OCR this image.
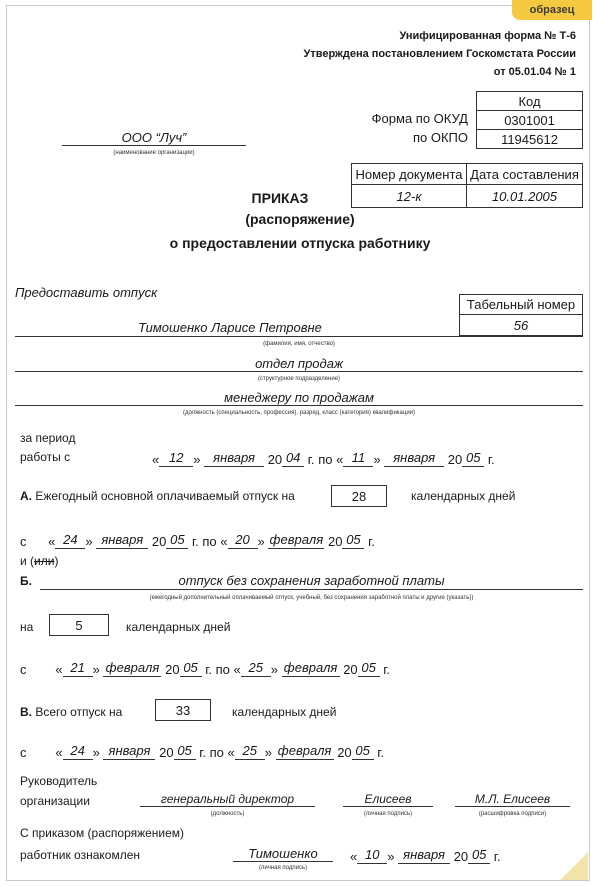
образец
Унифицированная форма № Т-6
Утверждена постановлением Госкомстата России
от 05.01.04 № 1
Код
0301001
11945612
Форма по ОКУД
по ОКПО
ООО “Луч”
(наименование организации)
Номер документа Дата составления
12-к	10.01.2005
ПРИКАЗ
(распоряжение)
о предоставлении отпуска работнику
Предоставить отпуск
Табельный номер
56
Тимошенко Ларисе Петровне
(фамилия, имя, отчество)
отдел продаж
(структурное подразделение)
менеджеру по продажам
(должность (специальность, профессия), разряд, класс (категория) квалификации)
за период
работы с	« 12 » января 20 04 г. по « 11 » января 20 05 г.
А. Ежегодный основной оплачиваемый отпуск на	28	календарных дней
с      « 24 » января 20 05 г. по « 20 » февраля 20 05 г.
и (или)
Б.	отпуск без сохранения заработной платы
(ежегодный дополнительный оплачиваемый отпуск, учебный, без сохранения заработной платы и другие (указать))
на	5	календарных дней
с        « 21 » февраля 20 05 г. по « 25 » февраля 20 05 г.
В. Всего отпуск на	33	календарных дней
с        « 24 » января 20 05 г. по « 25 » февраля 20 05 г.
Руководитель
организации	генеральный директор
(должность)
Елисеев
(личная подпись)
М.Л. Елисеев
(расшифровка подписи)
С приказом (распоряжением)
работник ознакомлен	Тимошенко
(личная подпись)
« 10 » января 20 05 г.
